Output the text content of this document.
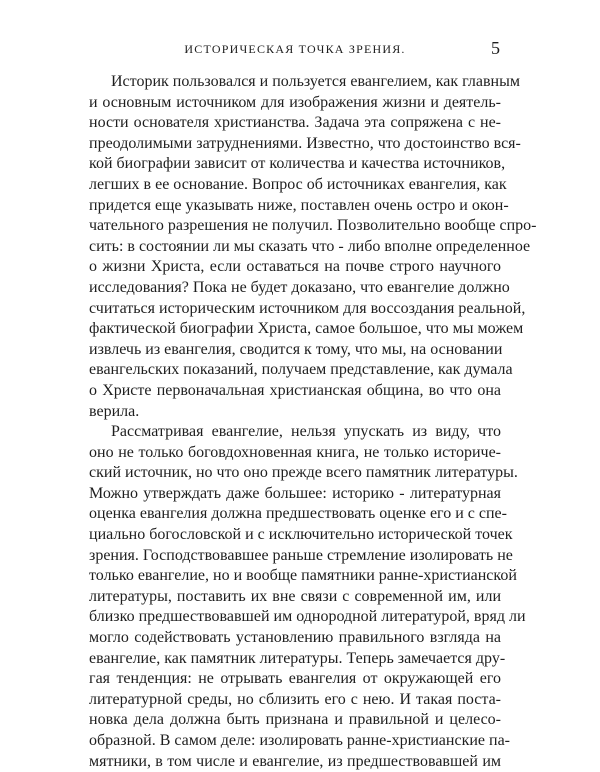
ИСТОРИЧЕСКАЯ ТОЧКА ЗРЕНИЯ.	5
Историк пользовался и пользуется евангелием, как главным
и основным источником для изображения жизни и деятель-
ности основателя христианства. Задача эта сопряжена с не-
преодолимыми затруднениями. Известно, что достоинство вся-
кой биографии зависит от количества и качества источников,
легших в ее основание. Вопрос об источниках евангелия, как
придется еще указывать ниже, поставлен очень остро и окон-
чательного разрешения не получил. Позволительно вообще спро-
сить: в состоянии ли мы сказать что - либо вполне определенное
о жизни Христа, если оставаться на почве строго научного
исследования? Пока не будет доказано, что евангелие должно
считаться историческим источником для воссоздания реальной,
фактической биографии Христа, самое большое, что мы можем
извлечь из евангелия, сводится к тому, что мы, на основании
евангельских показаний, получаем представление, как думала
о Христе первоначальная христианская община, во что она
верила.
Рассматривая евангелие, нельзя упускать из виду, что
оно не только боговдохновенная книга, не только историче-
ский источник, но что оно прежде всего памятник литературы.
Можно утверждать даже большее: историко - литературная
оценка евангелия должна предшествовать оценке его и с спе-
циально богословской и с исключительно исторической точек
зрения. Господствовавшее раньше стремление изолировать не
только евангелие, но и вообще памятники ранне-христианской
литературы, поставить их вне связи с современной им, или
близко предшествовавшей им однородной литературой, вряд ли
могло содействовать установлению правильного взгляда на
евангелие, как памятник литературы. Теперь замечается дру-
гая тенденция: не отрывать евангелия от окружающей его
литературной среды, но сблизить его с нею. И такая поста-
новка дела должна быть признана и правильной и целесо-
образной. В самом деле: изолировать ранне-христианские па-
мятники, в том числе и евангелие, из предшествовавшей им
